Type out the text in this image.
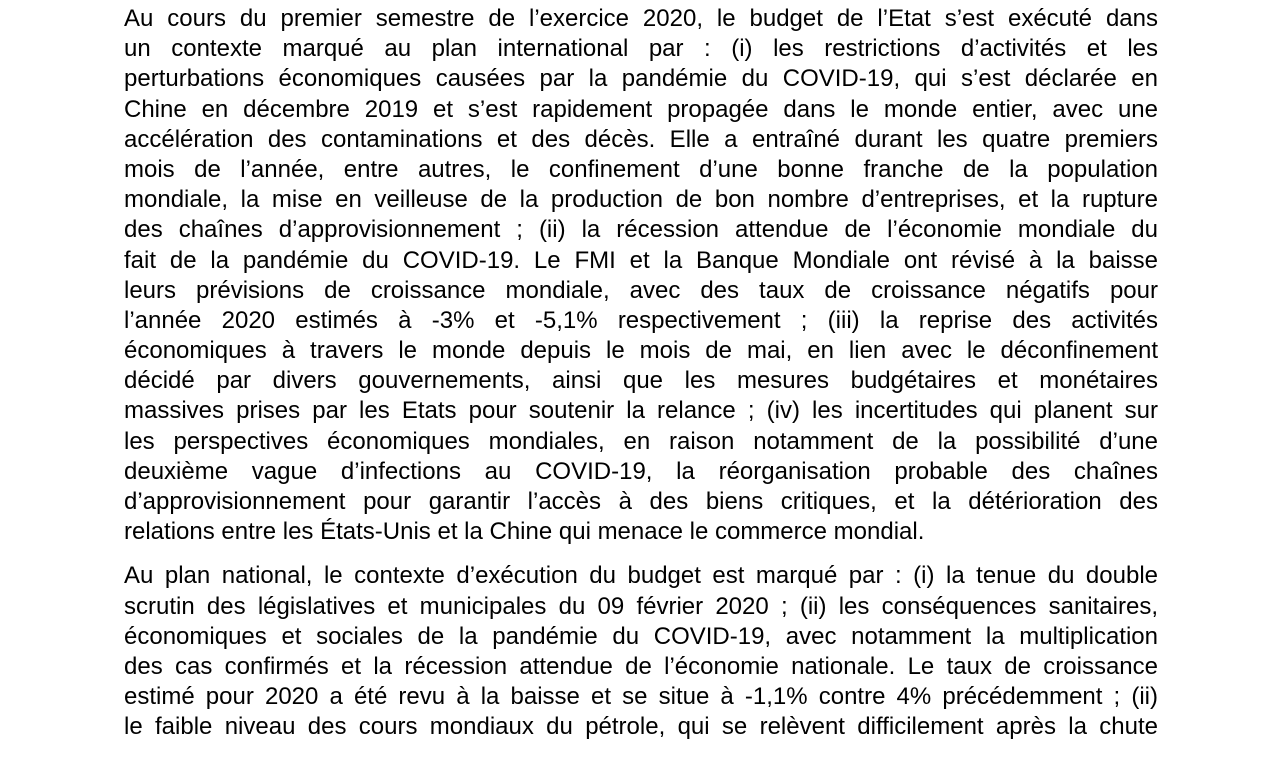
Au cours du premier semestre de l’exercice 2020, le budget de l’Etat s’est exécuté dans
un contexte marqué au plan international par : (i) les restrictions d’activités et les
perturbations économiques causées par la pandémie du COVID-19, qui s’est déclarée en
Chine en décembre 2019 et s’est rapidement propagée dans le monde entier, avec une
accélération des contaminations et des décès. Elle a entraîné durant les quatre premiers
mois de l’année, entre autres, le confinement d’une bonne franche de la population
mondiale, la mise en veilleuse de la production de bon nombre d’entreprises, et la rupture
des chaînes d’approvisionnement ; (ii) la récession attendue de l’économie mondiale du
fait de la pandémie du COVID-19. Le FMI et la Banque Mondiale ont révisé à la baisse
leurs prévisions de croissance mondiale, avec des taux de croissance négatifs pour
l’année 2020 estimés à -3% et -5,1% respectivement ; (iii) la reprise des activités
économiques à travers le monde depuis le mois de mai, en lien avec le déconfinement
décidé par divers gouvernements, ainsi que les mesures budgétaires et monétaires
massives prises par les Etats pour soutenir la relance ; (iv) les incertitudes qui planent sur
les perspectives économiques mondiales, en raison notamment de la possibilité d’une
deuxième vague d’infections au COVID-19, la réorganisation probable des chaînes
d’approvisionnement pour garantir l’accès à des biens critiques, et la détérioration des
relations entre les États-Unis et la Chine qui menace le commerce mondial.
Au plan national, le contexte d’exécution du budget est marqué par : (i) la tenue du double
scrutin des législatives et municipales du 09 février 2020 ; (ii) les conséquences sanitaires,
économiques et sociales de la pandémie du COVID-19, avec notamment la multiplication
des cas confirmés et la récession attendue de l’économie nationale. Le taux de croissance
estimé pour 2020 a été revu à la baisse et se situe à -1,1% contre 4% précédemment ; (ii)
le faible niveau des cours mondiaux du pétrole, qui se relèvent difficilement après la chute
